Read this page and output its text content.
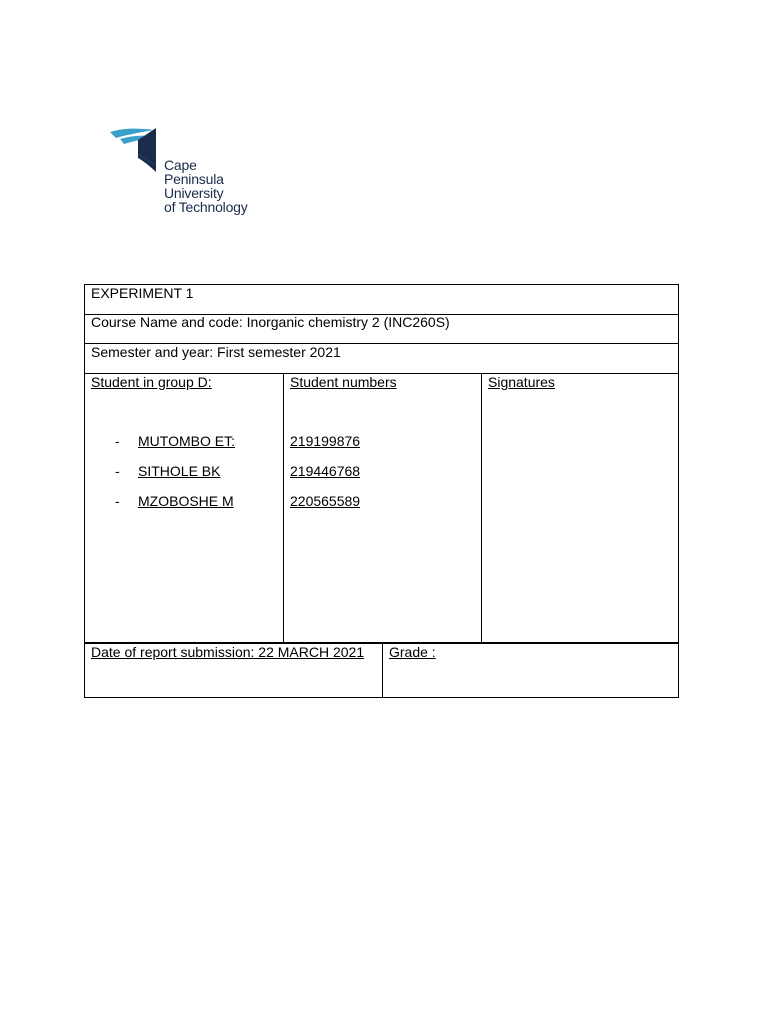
Cape
Peninsula
University
of Technology
EXPERIMENT 1
Course Name and code: Inorganic chemistry 2 (INC260S)
Semester and year: First semester 2021
Student in group D:
- MUTOMBO ET:
- SITHOLE BK
- MZOBOSHE M
Student numbers
219199876
219446768
220565589
Signatures
Date of report submission: 22 MARCH 2021 Grade :
